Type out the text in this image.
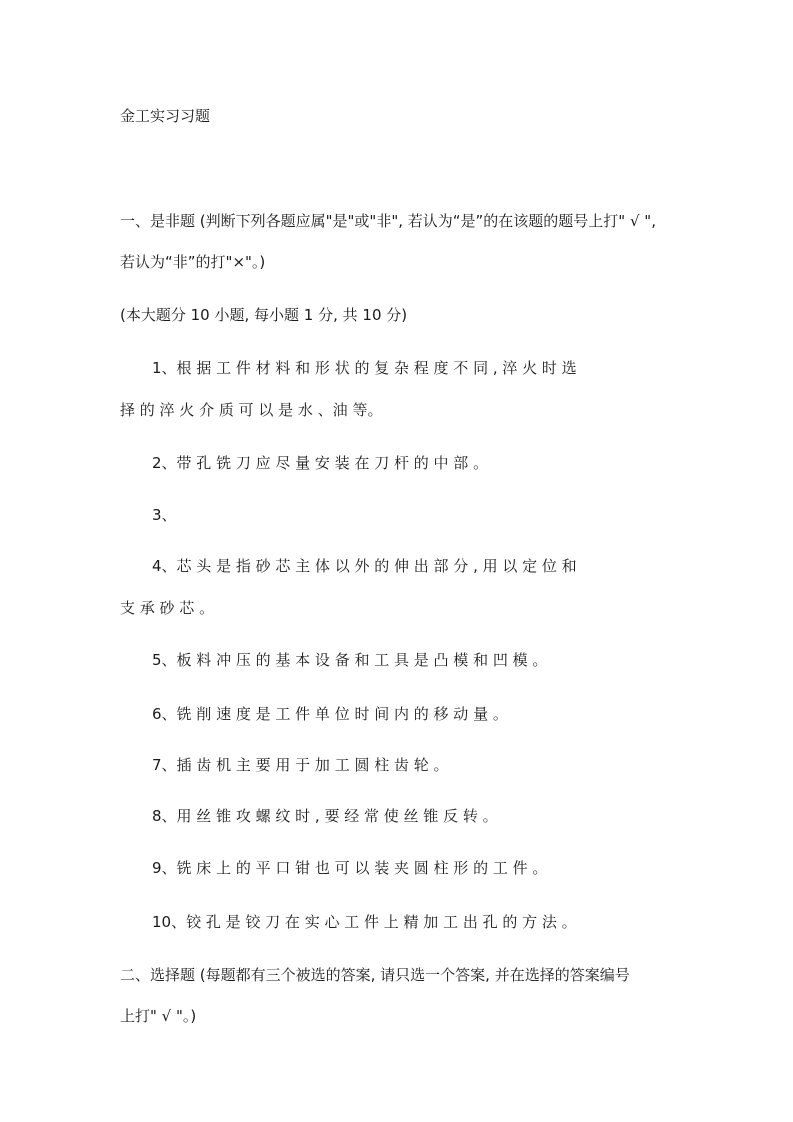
金工实习习题
一、是非题 (判断下列各题应属"是"或"非", 若认为“是”的在该题的题号上打" √ ",
若认为“非”的打"×"。)
(本大题分 10 小题, 每小题 1 分, 共 10 分)
1、根 据 工 件 材 料 和 形 状 的 复 杂 程 度 不 同 , 淬 火 时 选
择 的 淬 火 介 质 可 以 是 水 、油 等。
2、带 孔 铣 刀 应 尽 量 安 装 在 刀 杆 的 中 部 。
3、
4、芯 头 是 指 砂 芯 主 体 以 外 的 伸 出 部 分 , 用 以 定 位 和
支 承 砂 芯 。
5、板 料 冲 压 的 基 本 设 备 和 工 具 是 凸 模 和 凹 模 。
6、铣 削 速 度 是 工 件 单 位 时 间 内 的 移 动 量 。
7、插 齿 机 主 要 用 于 加 工 圆 柱 齿 轮 。
8、用 丝 锥 攻 螺 纹 时 , 要 经 常 使 丝 锥 反 转 。
9、铣 床 上 的 平 口 钳 也 可 以 装 夹 圆 柱 形 的 工 件 。
10、铰 孔 是 铰 刀 在 实 心 工 件 上 精 加 工 出 孔 的 方 法 。
二、选择题 (每题都有三个被选的答案, 请只选一个答案, 并在选择的答案编号
上打" √ "。)
